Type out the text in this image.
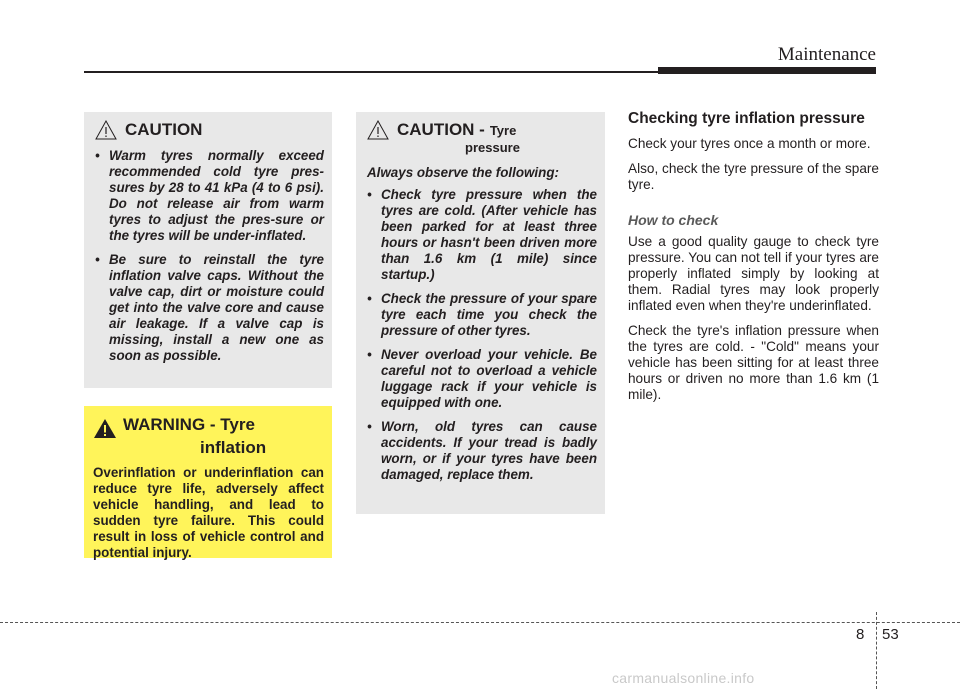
Maintenance
CAUTION
• Warm tyres normally exceed recommended cold tyre pres-sures by 28 to 41 kPa (4 to 6 psi). Do not release air from warm tyres to adjust the pres-sure or the tyres will be under-inflated.
• Be sure to reinstall the tyre inflation valve caps. Without the valve cap, dirt or moisture could get into the valve core and cause air leakage. If a valve cap is missing, install a new one as soon as possible.
WARNING - Tyre
inflation
Overinflation or underinflation can reduce tyre life, adversely affect vehicle handling, and lead to sudden tyre failure. This could result in loss of vehicle control and potential injury.
CAUTION - Tyre
pressure
Always observe the following:
• Check tyre pressure when the tyres are cold. (After vehicle has been parked for at least three hours or hasn't been driven more than 1.6 km (1 mile) since startup.)
• Check the pressure of your spare tyre each time you check the pressure of other tyres.
• Never overload your vehicle. Be careful not to overload a vehicle luggage rack if your vehicle is equipped with one.
• Worn, old tyres can cause accidents. If your tread is badly worn, or if your tyres have been damaged, replace them.
Checking tyre inflation pressure

Check your tyres once a month or more.

Also, check the tyre pressure of the spare tyre.

How to check

Use a good quality gauge to check tyre pressure. You can not tell if your tyres are properly inflated simply by looking at them. Radial tyres may look properly inflated even when they're underinflated.

Check the tyre's inflation pressure when the tyres are cold. - "Cold" means your vehicle has been sitting for at least three hours or driven no more than 1.6 km (1 mile).

8 53
carmanualsonline.info
